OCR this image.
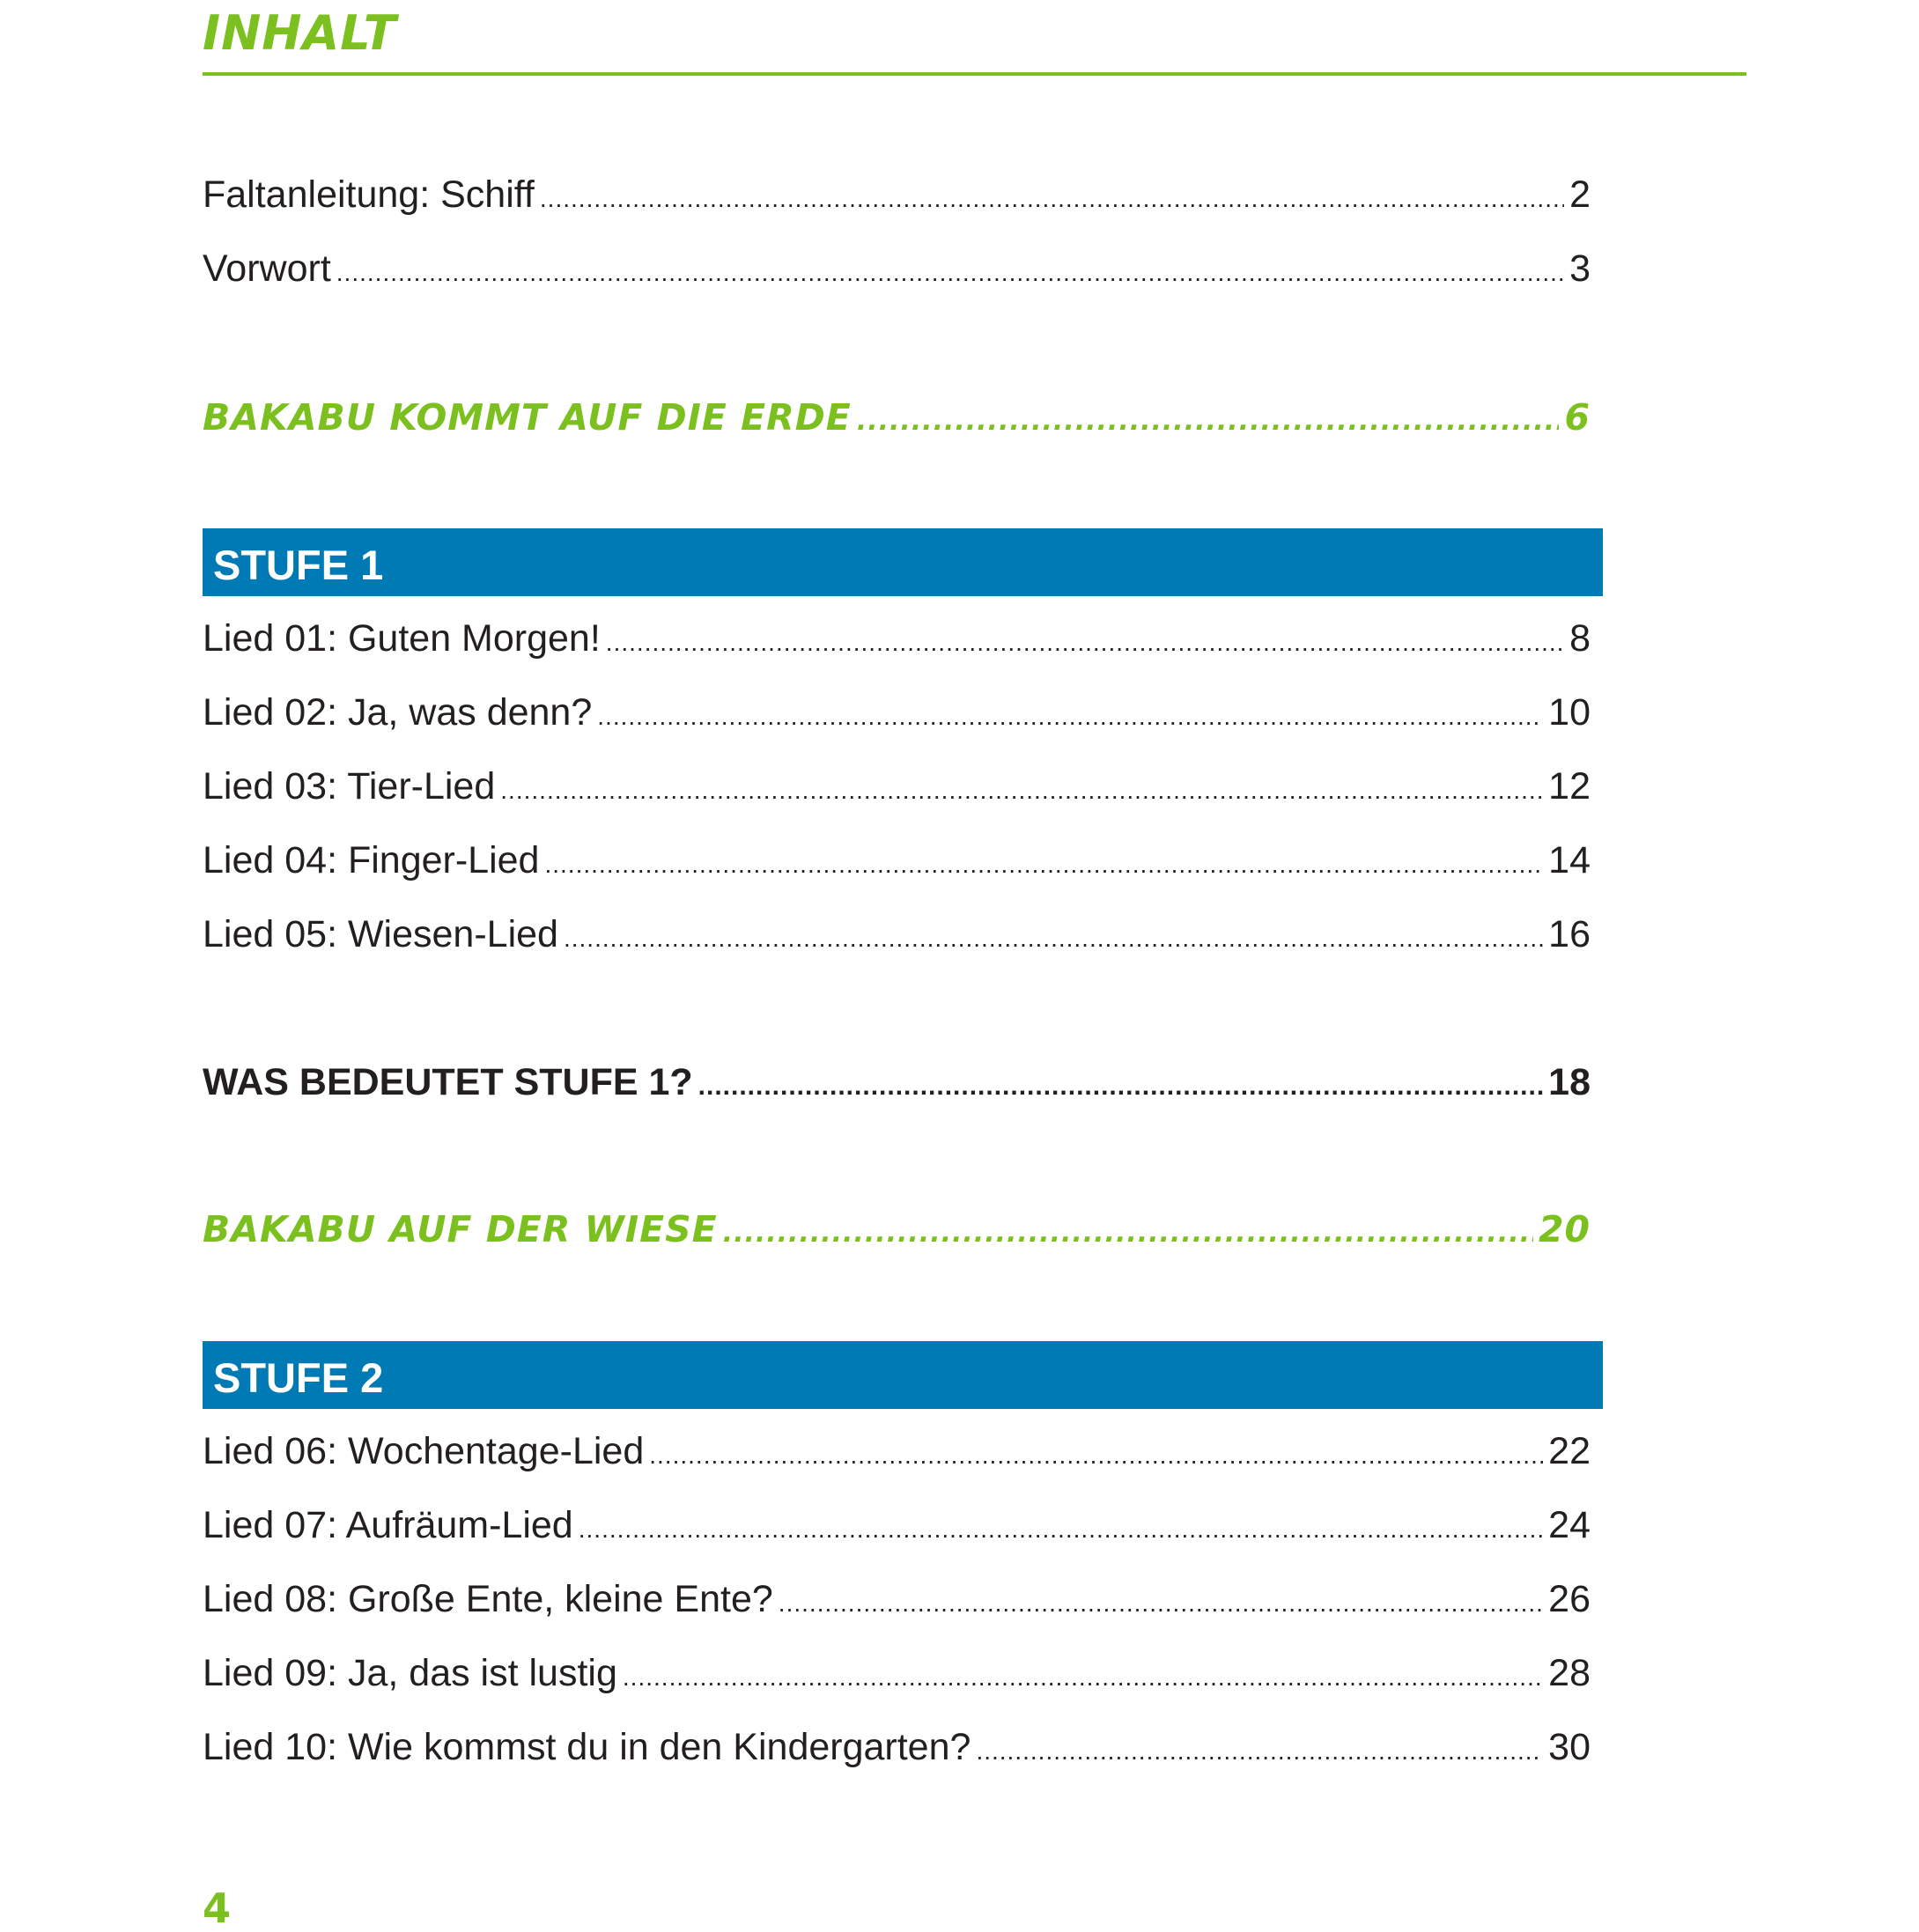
INHALT
Faltanleitung: Schiff .....	2
Vorwort .....	3
BAKABU KOMMT AUF DIE ERDE .....	6
STUFE 1
Lied 01: Guten Morgen! .....	8
Lied 02: Ja, was denn? .....	10
Lied 03: Tier-Lied .....	12
Lied 04: Finger-Lied .....	14
Lied 05: Wiesen-Lied .....	16
WAS BEDEUTET STUFE 1? .....	18
BAKABU AUF DER WIESE .....	20
STUFE 2
Lied 06: Wochentage-Lied .....	22
Lied 07: Aufräum-Lied .....	24
Lied 08: Große Ente, kleine Ente? .....	26
Lied 09: Ja, das ist lustig .....	28
Lied 10: Wie kommst du in den Kindergarten? .....	30
4
